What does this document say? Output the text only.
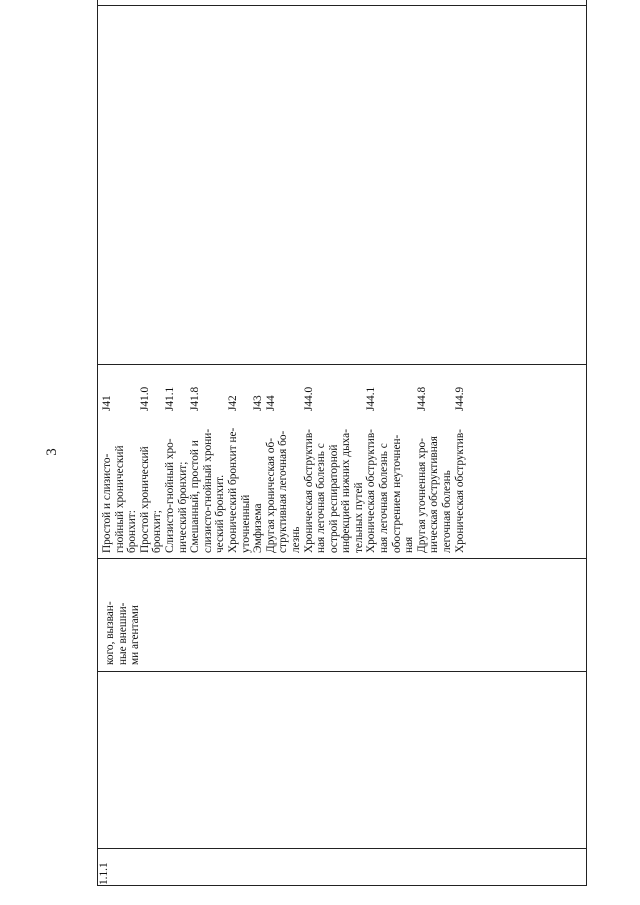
3
1.1.1		
кого, вызван- ные внешни- ми агентами

Простой и слизисто- гнойный хронический бронхит:
J41
Простой хронический бронхит;
J41.0
Слизисто-гнойный хро- нический бронхит;
J41.1
Смешанный, простой и слизисто-гнойный хрони- ческий бронхит.
J41.8
Хронический бронхит не- уточненный
J42
Эмфизема
J43
Другая хроническая об- структивная легочная бо- лезнь
J44
Хроническая обструктив- ная легочная болезнь с острой респираторной инфекцией нижних дыха- тельных путей
J44.0
Хроническая обструктив- ная легочная болезнь с обострением неуточнен- ная
J44.1
Другая уточненная хро- ническая обструктивная легочная болезнь
J44.8
Хроническая обструктив-
J44.9
